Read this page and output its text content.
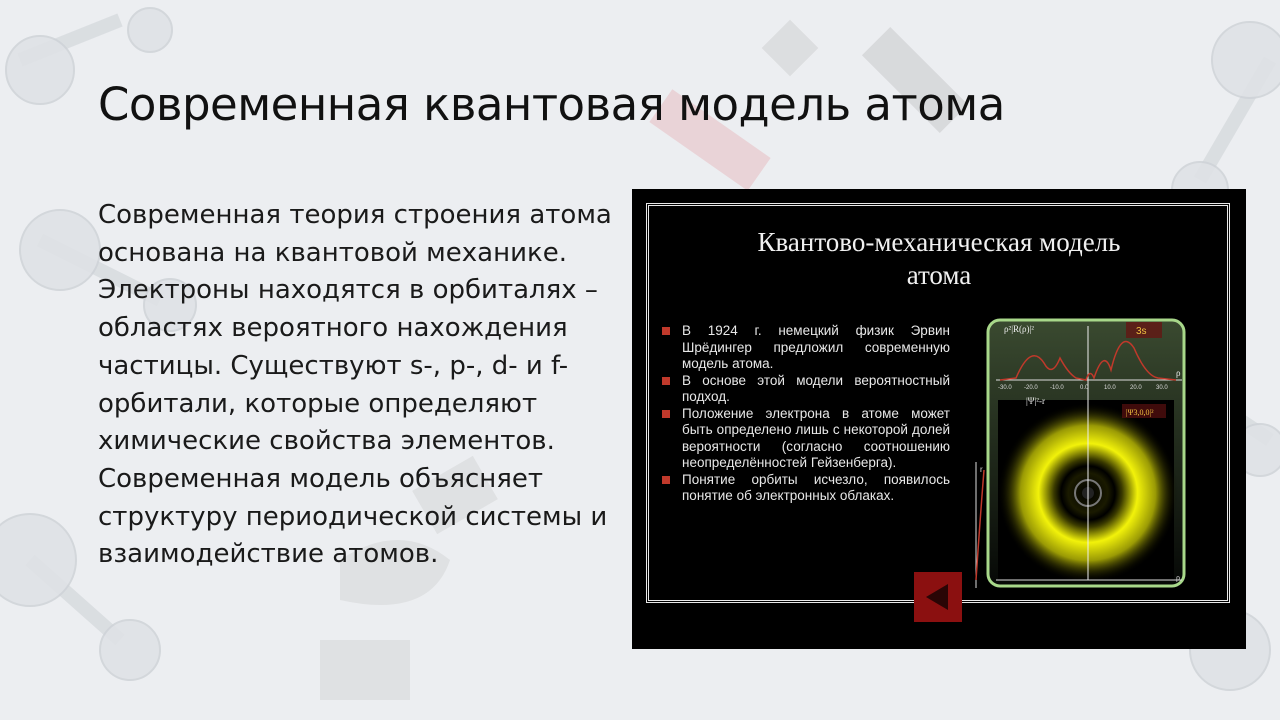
Современная квантовая модель атома

Современная теория строения атома основана на квантовой механике. Электроны находятся в орбиталях – областях вероятного нахождения частицы. Существуют s-, p-, d- и f-орбитали, которые определяют химические свойства элементов. Современная модель объясняет структуру периодической системы и взаимодействие атомов.

Квантово-механическая модель
атома
В 1924 г. немецкий физик Эрвин Шрёдингер предложил современную модель атома.
В основе этой модели вероятностный подход.
Положение электрона в атоме может быть определено лишь с некоторой долей вероятности (согласно соотношению неопределённостей Гейзенберга).
Понятие орбиты исчезло, появилось понятие об электронных облаках.
r
3s
ρ²|R(ρ)|²
ρ
-30.0 -20.0 -10.0	0.0	10.0 20.0 30.0
|Ψ|²-r
|Ψ3,0,0|²
ρ
